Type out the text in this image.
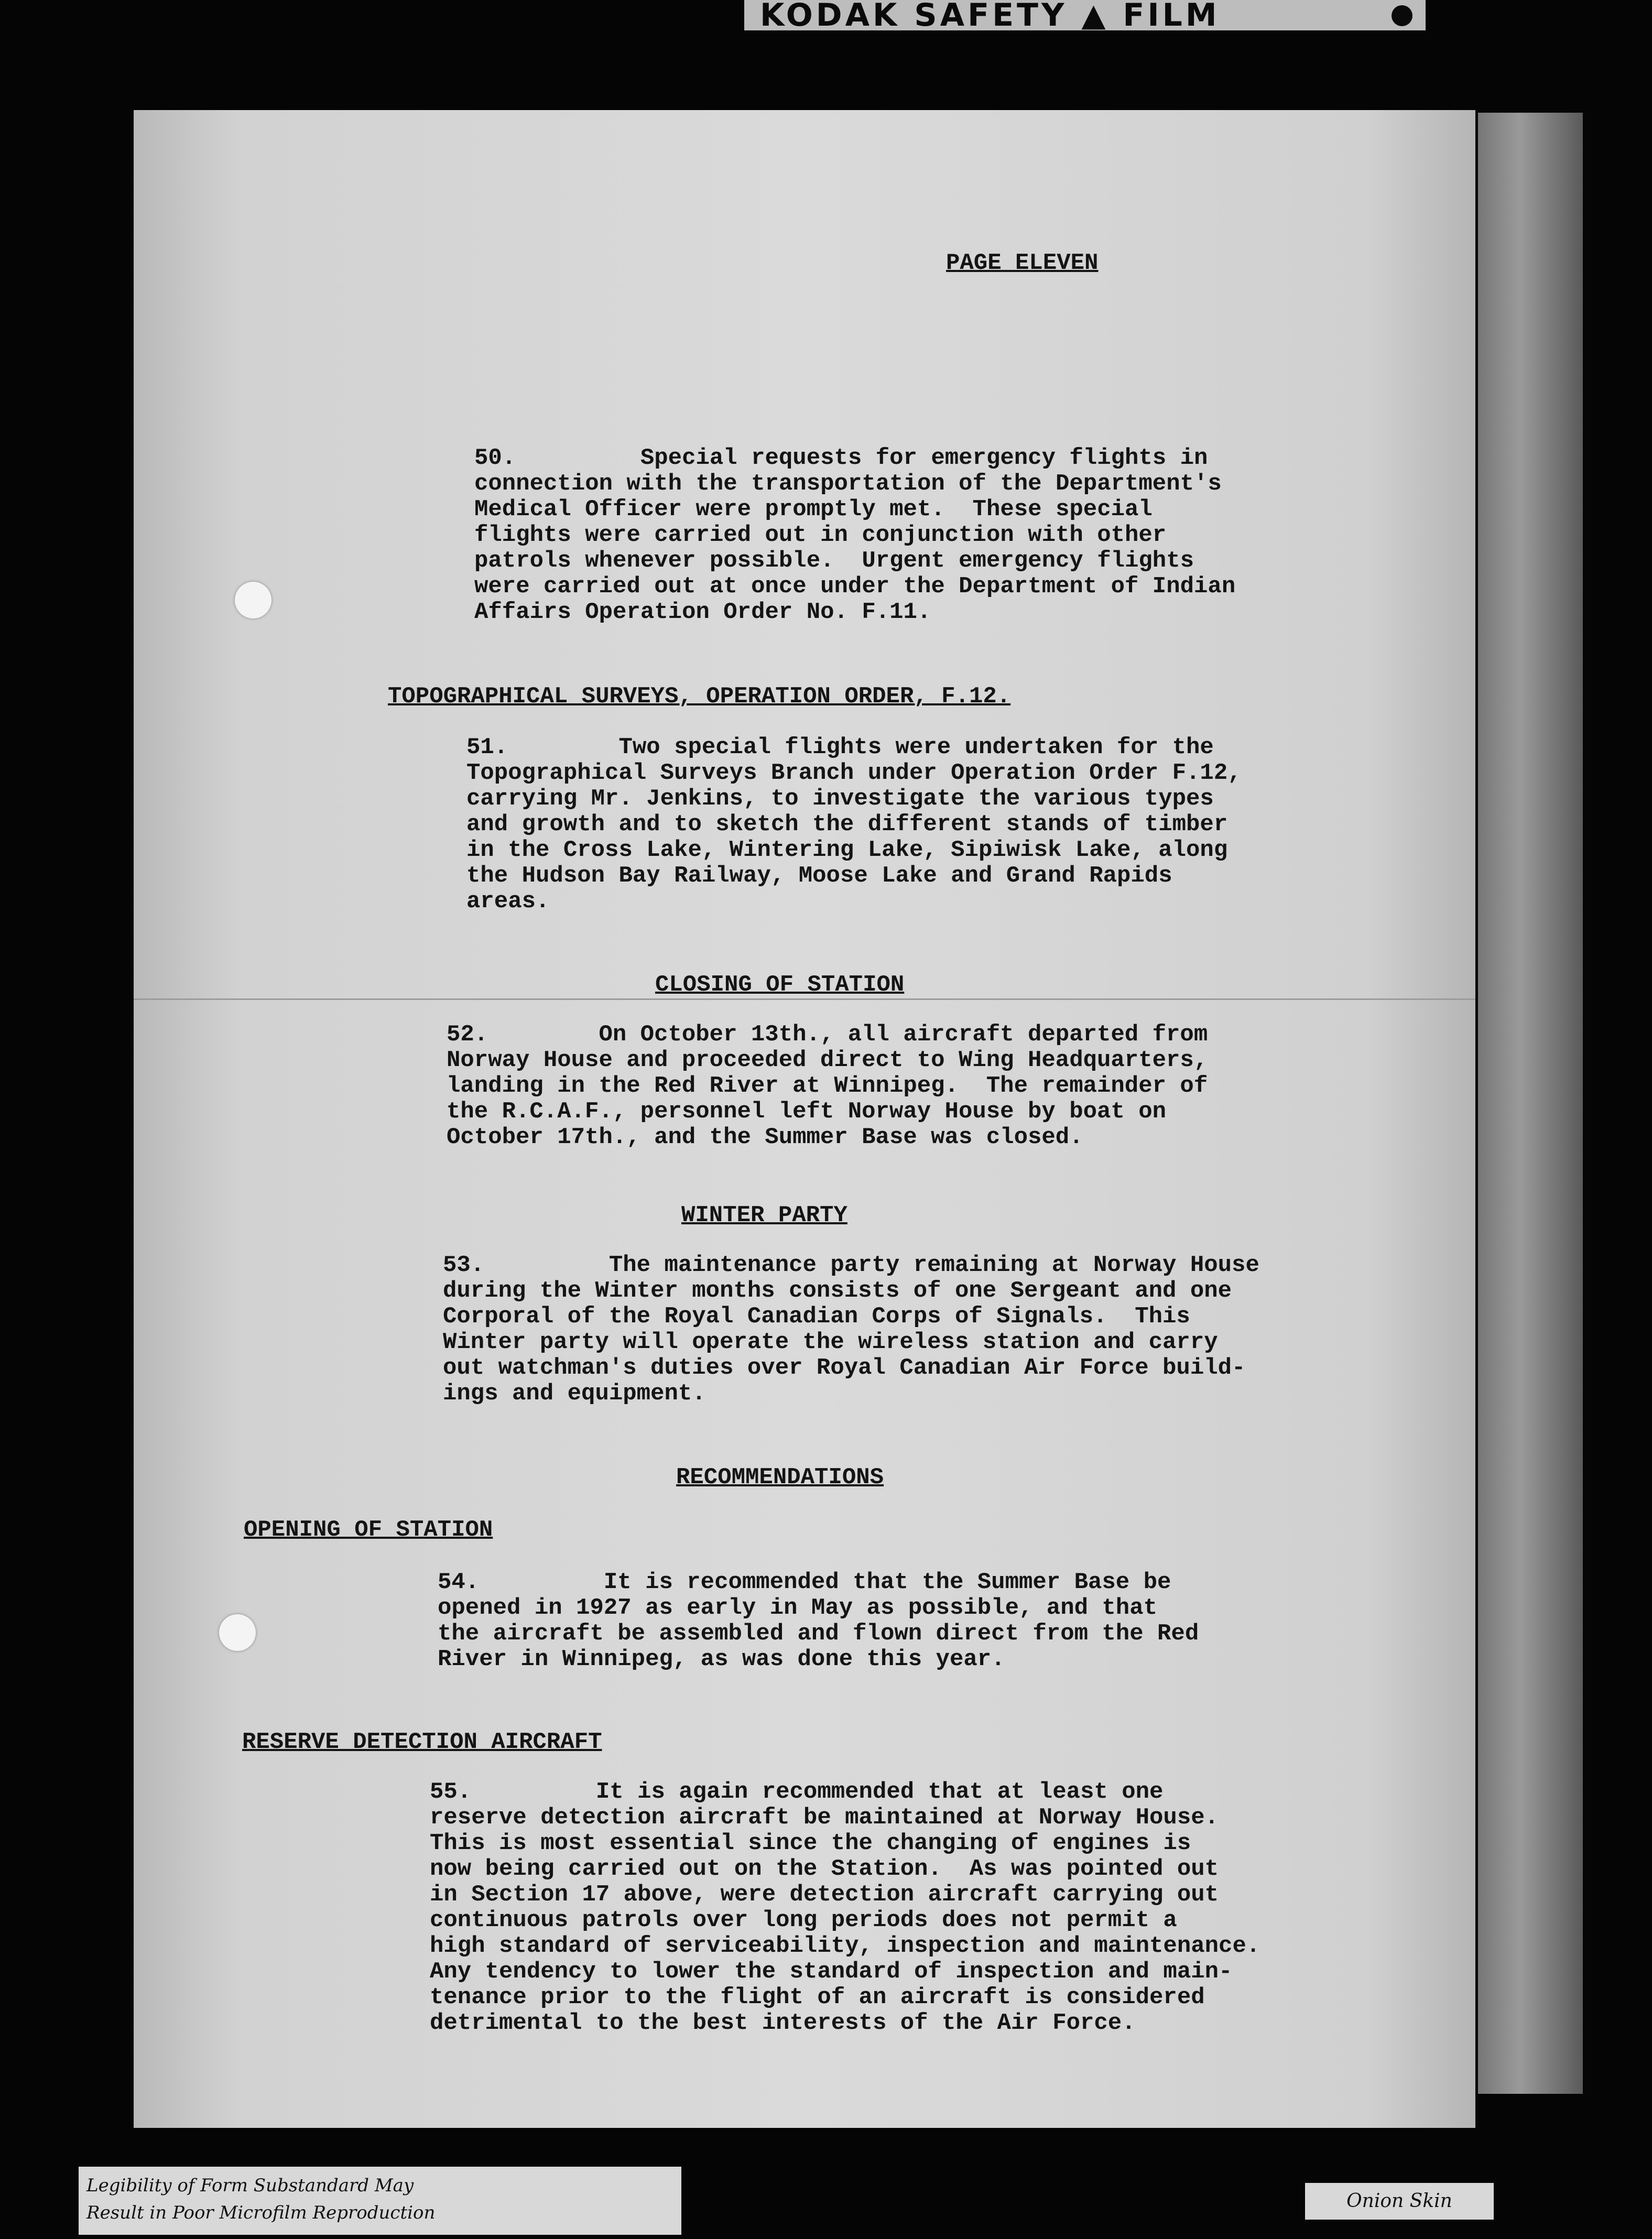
KODAK SAFETY ▲ FILM
PAGE ELEVEN
50.         Special requests for emergency flights in
connection with the transportation of the Department's
Medical Officer were promptly met.  These special
flights were carried out in conjunction with other
patrols whenever possible.  Urgent emergency flights
were carried out at once under the Department of Indian
Affairs Operation Order No. F.11.
TOPOGRAPHICAL SURVEYS, OPERATION ORDER, F.12.
51.        Two special flights were undertaken for the
Topographical Surveys Branch under Operation Order F.12,
carrying Mr. Jenkins, to investigate the various types
and growth and to sketch the different stands of timber
in the Cross Lake, Wintering Lake, Sipiwisk Lake, along
the Hudson Bay Railway, Moose Lake and Grand Rapids
areas.
CLOSING OF STATION
52.        On October 13th., all aircraft departed from
Norway House and proceeded direct to Wing Headquarters,
landing in the Red River at Winnipeg.  The remainder of
the R.C.A.F., personnel left Norway House by boat on
October 17th., and the Summer Base was closed.
WINTER PARTY
53.         The maintenance party remaining at Norway House
during the Winter months consists of one Sergeant and one
Corporal of the Royal Canadian Corps of Signals.  This
Winter party will operate the wireless station and carry
out watchman's duties over Royal Canadian Air Force build-
ings and equipment.
RECOMMENDATIONS
OPENING OF STATION
54.         It is recommended that the Summer Base be
opened in 1927 as early in May as possible, and that
the aircraft be assembled and flown direct from the Red
River in Winnipeg, as was done this year.
RESERVE DETECTION AIRCRAFT
55.         It is again recommended that at least one
reserve detection aircraft be maintained at Norway House.
This is most essential since the changing of engines is
now being carried out on the Station.  As was pointed out
in Section 17 above, were detection aircraft carrying out
continuous patrols over long periods does not permit a
high standard of serviceability, inspection and maintenance.
Any tendency to lower the standard of inspection and main-
tenance prior to the flight of an aircraft is considered
detrimental to the best interests of the Air Force.
Legibility of Form Substandard May
Result in Poor Microfilm Reproduction
Onion Skin
